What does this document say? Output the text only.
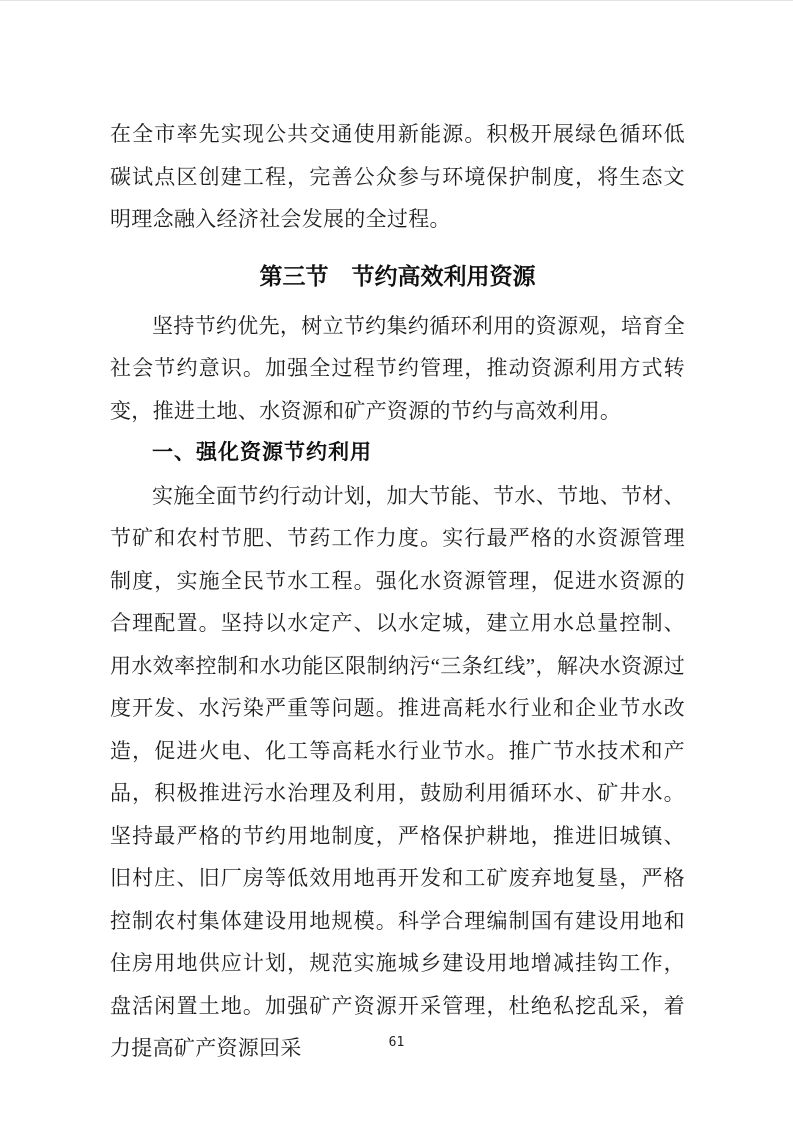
在全市率先实现公共交通使用新能源。积极开展绿色循环低碳试点区创建工程，完善公众参与环境保护制度，将生态文明理念融入经济社会发展的全过程。

第三节　节约高效利用资源

坚持节约优先，树立节约集约循环利用的资源观，培育全社会节约意识。加强全过程节约管理，推动资源利用方式转变，推进土地、水资源和矿产资源的节约与高效利用。

一、强化资源节约利用

实施全面节约行动计划，加大节能、节水、节地、节材、节矿和农村节肥、节药工作力度。实行最严格的水资源管理制度，实施全民节水工程。强化水资源管理，促进水资源的合理配置。坚持以水定产、以水定城，建立用水总量控制、用水效率控制和水功能区限制纳污“三条红线”，解决水资源过度开发、水污染严重等问题。推进高耗水行业和企业节水改造，促进火电、化工等高耗水行业节水。推广节水技术和产品，积极推进污水治理及利用，鼓励利用循环水、矿井水。坚持最严格的节约用地制度，严格保护耕地，推进旧城镇、旧村庄、旧厂房等低效用地再开发和工矿废弃地复垦，严格控制农村集体建设用地规模。科学合理编制国有建设用地和住房用地供应计划，规范实施城乡建设用地增减挂钩工作，盘活闲置土地。加强矿产资源开采管理，杜绝私挖乱采，着力提高矿产资源回采	61
